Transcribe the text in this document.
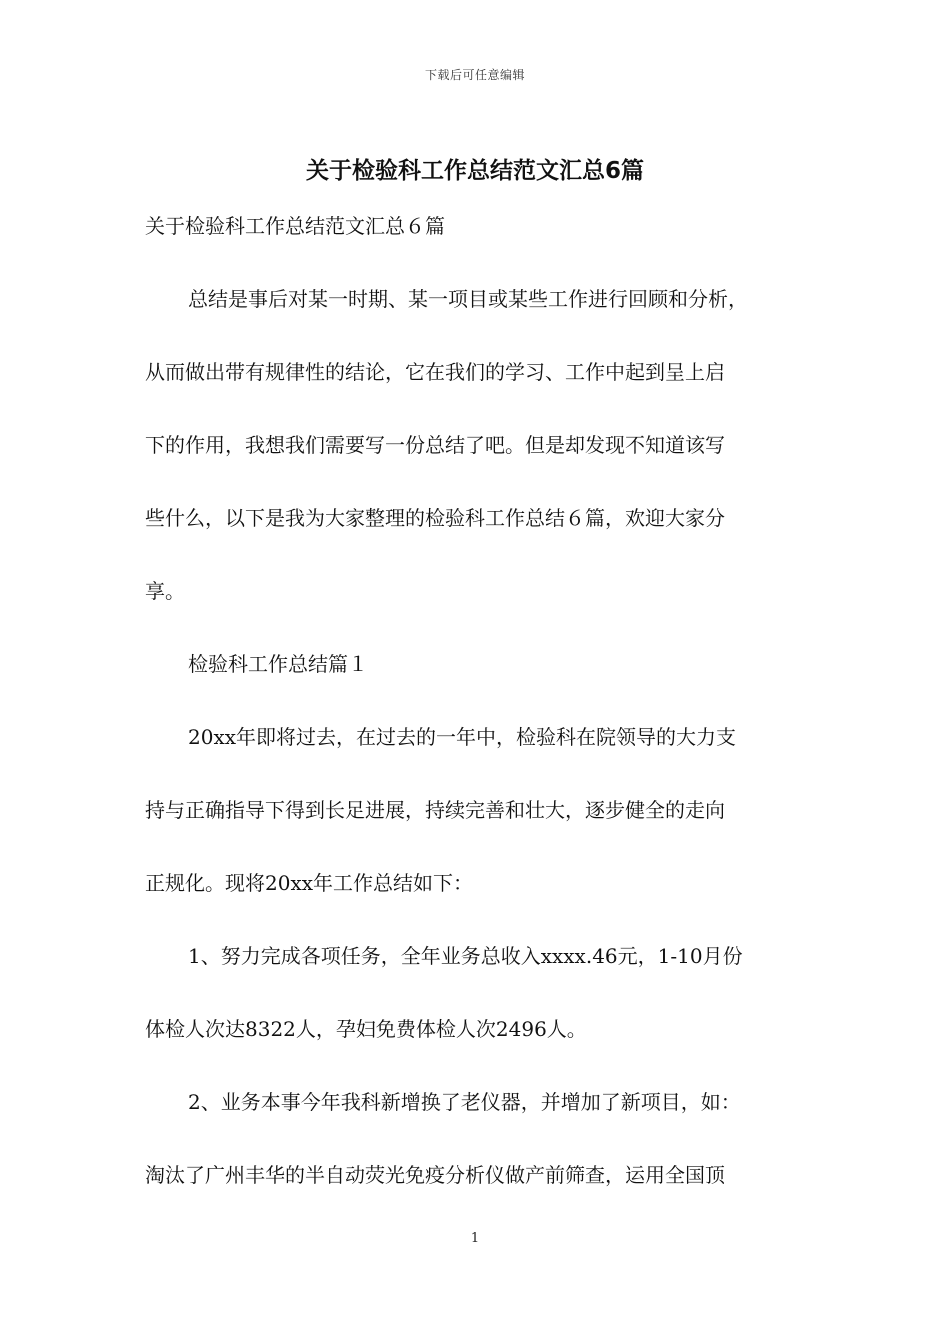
下载后可任意编辑
关于检验科工作总结范文汇总6篇

关于检验科工作总结范文汇总６篇

总结是事后对某一时期、某一项目或某些工作进行回顾和分析，
从而做出带有规律性的结论，它在我们的学习、工作中起到呈上启
下的作用，我想我们需要写一份总结了吧。但是却发现不知道该写
些什么，以下是我为大家整理的检验科工作总结６篇，欢迎大家分
享。

检验科工作总结篇１

20xx年即将过去，在过去的一年中，检验科在院领导的大力支
持与正确指导下得到长足进展，持续完善和壮大，逐步健全的走向
正规化。现将20xx年工作总结如下：

1、努力完成各项任务，全年业务总收入xxxx.46元，1-10月份
体检人次达8322人，孕妇免费体检人次2496人。

2、业务本事今年我科新增换了老仪器，并增加了新项目，如：
淘汰了广州丰华的半自动荧光免疫分析仪做产前筛查，运用全国顶

1
